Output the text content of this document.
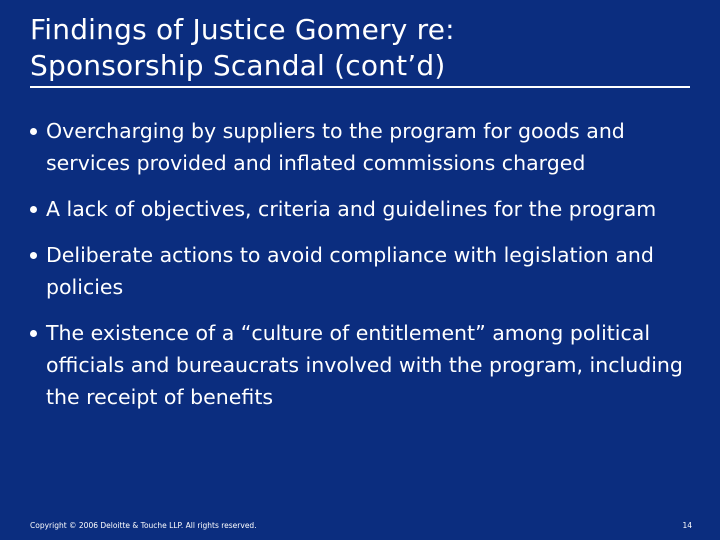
Findings of Justice Gomery re:
Sponsorship Scandal (cont’d)
Overcharging by suppliers to the program for goods and services provided and inflated commissions charged
A lack of objectives, criteria and guidelines for the program
Deliberate actions to avoid compliance with legislation and policies
The existence of a “culture of entitlement” among political officials and bureaucrats involved with the program, including the receipt of benefits
Copyright © 2006 Deloitte & Touche LLP. All rights reserved.	14
